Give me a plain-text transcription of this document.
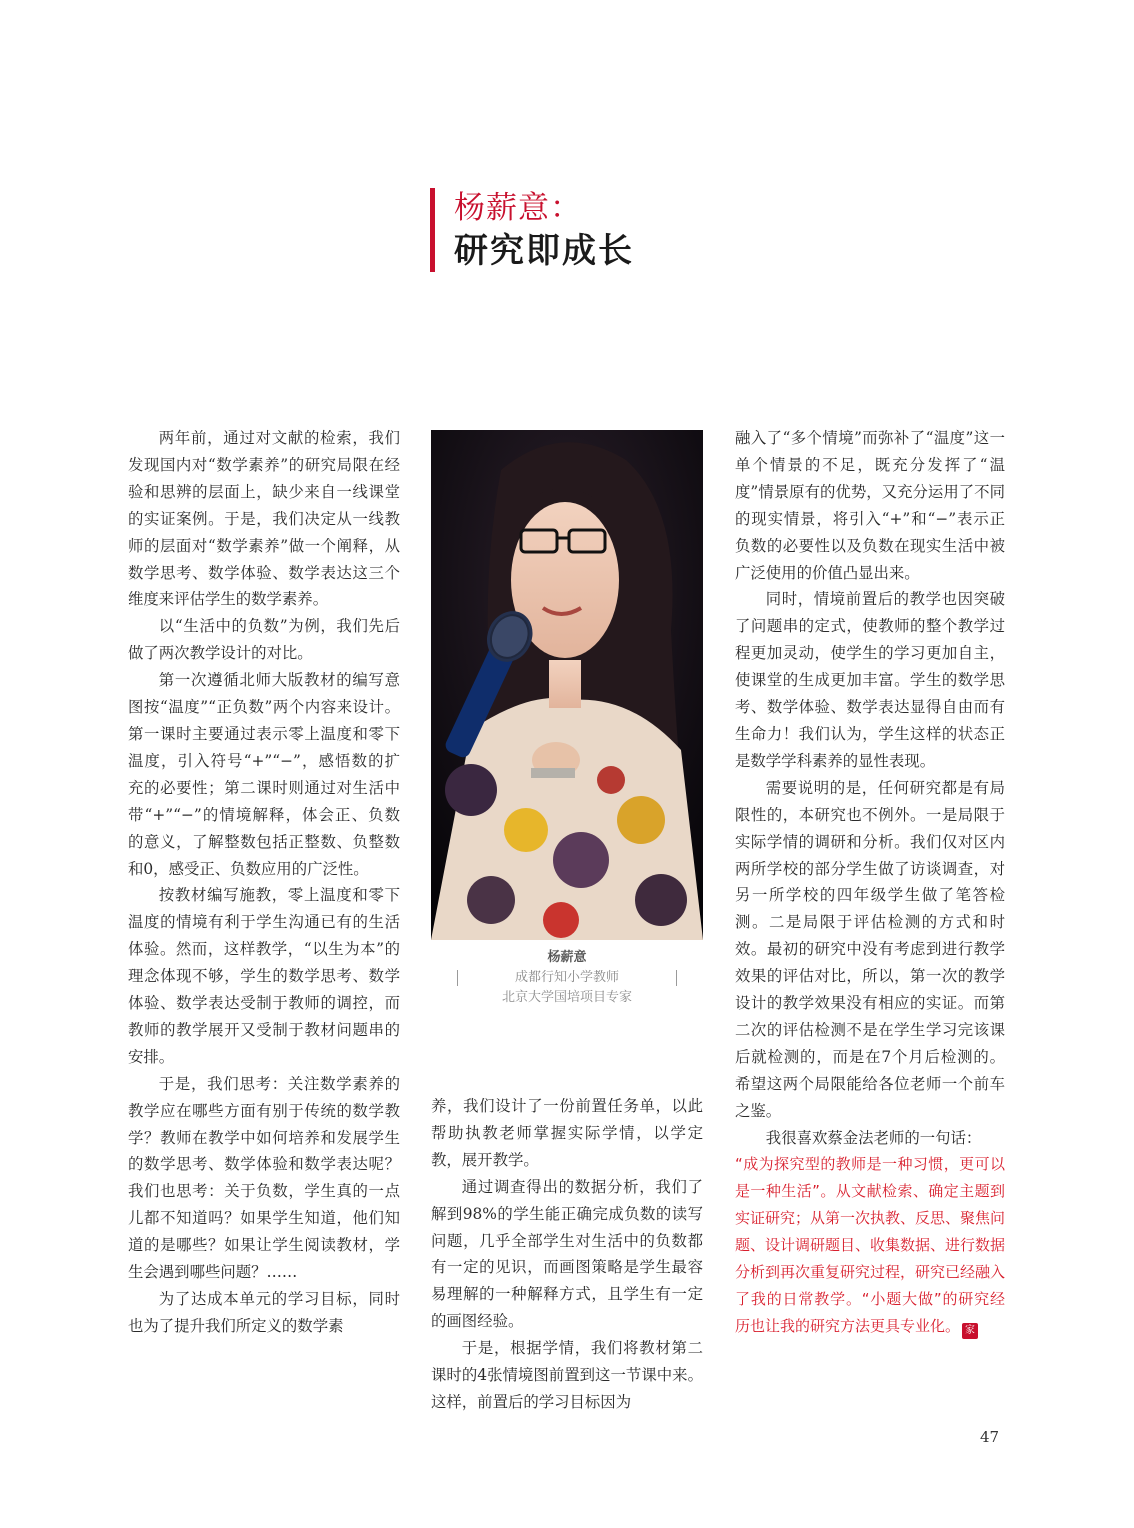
杨薪意：
研究即成长

两年前，通过对文献的检索，我们发现国内对“数学素养”的研究局限在经验和思辨的层面上，缺少来自一线课堂的实证案例。于是，我们决定从一线教师的层面对“数学素养”做一个阐释，从数学思考、数学体验、数学表达这三个维度来评估学生的数学素养。

以“生活中的负数”为例，我们先后做了两次教学设计的对比。

第一次遵循北师大版教材的编写意图按“温度”“正负数”两个内容来设计。第一课时主要通过表示零上温度和零下温度，引入符号“+”“−”，感悟数的扩充的必要性；第二课时则通过对生活中带“+”“−”的情境解释，体会正、负数的意义，了解整数包括正整数、负整数和0，感受正、负数应用的广泛性。

按教材编写施教，零上温度和零下温度的情境有利于学生沟通已有的生活体验。然而，这样教学，“以生为本”的理念体现不够，学生的数学思考、数学体验、数学表达受制于教师的调控，而教师的教学展开又受制于教材问题串的安排。

于是，我们思考：关注数学素养的教学应在哪些方面有别于传统的数学教学？教师在教学中如何培养和发展学生的数学思考、数学体验和数学表达呢？我们也思考：关于负数，学生真的一点儿都不知道吗？如果学生知道，他们知道的是哪些？如果让学生阅读教材，学生会遇到哪些问题？……

为了达成本单元的学习目标，同时也为了提升我们所定义的数学素

杨薪意
成都行知小学教师
北京大学国培项目专家

养，我们设计了一份前置任务单，以此帮助执教老师掌握实际学情，以学定教，展开教学。

通过调查得出的数据分析，我们了解到98%的学生能正确完成负数的读写问题，几乎全部学生对生活中的负数都有一定的见识，而画图策略是学生最容易理解的一种解释方式，且学生有一定的画图经验。

于是，根据学情，我们将教材第二课时的4张情境图前置到这一节课中来。这样，前置后的学习目标因为

融入了“多个情境”而弥补了“温度”这一单个情景的不足，既充分发挥了“温度”情景原有的优势，又充分运用了不同的现实情景，将引入“+”和“−”表示正负数的必要性以及负数在现实生活中被广泛使用的价值凸显出来。

同时，情境前置后的教学也因突破了问题串的定式，使教师的整个教学过程更加灵动，使学生的学习更加自主，使课堂的生成更加丰富。学生的数学思考、数学体验、数学表达显得自由而有生命力！我们认为，学生这样的状态正是数学学科素养的显性表现。

需要说明的是，任何研究都是有局限性的，本研究也不例外。一是局限于实际学情的调研和分析。我们仅对区内两所学校的部分学生做了访谈调查，对另一所学校的四年级学生做了笔答检测。二是局限于评估检测的方式和时效。最初的研究中没有考虑到进行教学效果的评估对比，所以，第一次的教学设计的教学效果没有相应的实证。而第二次的评估检测不是在学生学习完该课后就检测的，而是在7个月后检测的。希望这两个局限能给各位老师一个前车之鉴。

我很喜欢蔡金法老师的一句话：

“成为探究型的教师是一种习惯，更可以是一种生活”。从文献检索、确定主题到实证研究；从第一次执教、反思、聚焦问题、设计调研题目、收集数据、进行数据分析到再次重复研究过程，研究已经融入了我的日常教学。“小题大做”的研究经历也让我的研究方法更具专业化。 家

47
